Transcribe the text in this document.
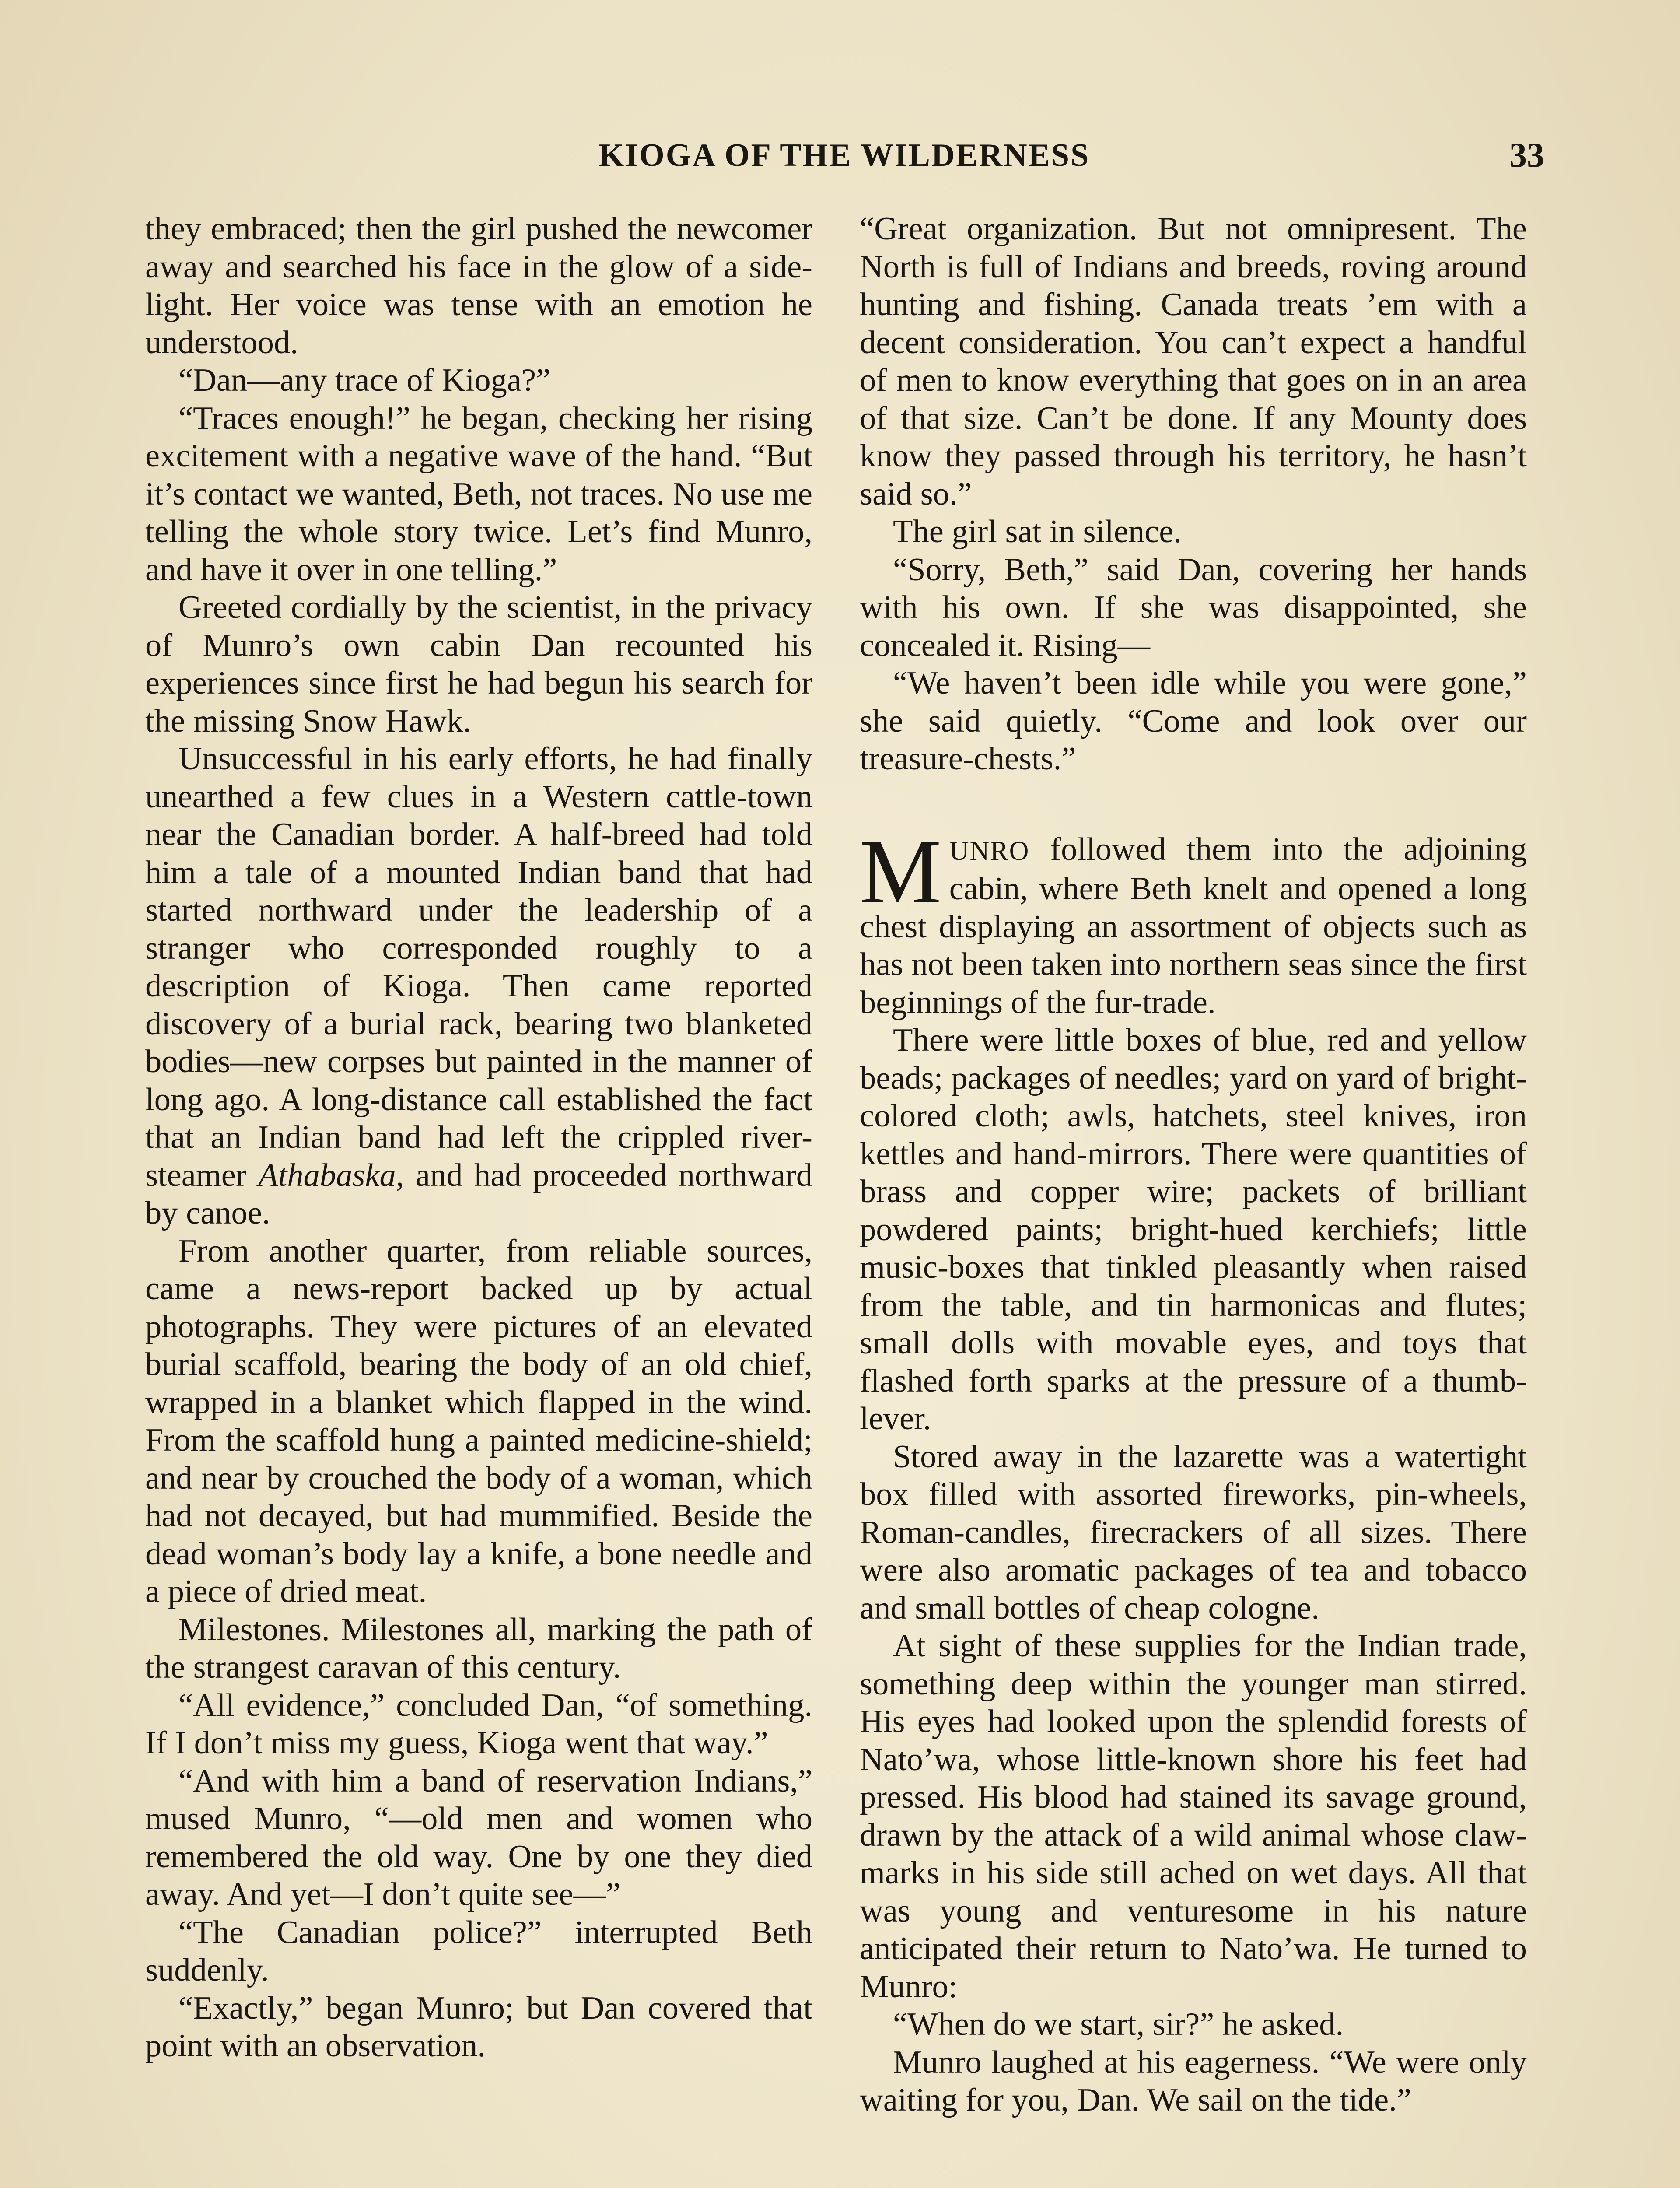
KIOGA OF THE WILDERNESS	33

they embraced; then the girl pushed the newcomer away and searched his face in the glow of a side-light. Her voice was tense with an emotion he understood.

“Dan—any trace of Kioga?”

“Traces enough!” he began, checking her rising excitement with a negative wave of the hand. “But it’s contact we wanted, Beth, not traces. No use me telling the whole story twice. Let’s find Munro, and have it over in one telling.”

Greeted cordially by the scientist, in the privacy of Munro’s own cabin Dan recounted his experiences since first he had begun his search for the missing Snow Hawk.

Unsuccessful in his early efforts, he had finally unearthed a few clues in a Western cattle-town near the Canadian border. A half-breed had told him a tale of a mounted Indian band that had started northward under the leadership of a stranger who corresponded roughly to a description of Kioga. Then came reported discovery of a burial rack, bearing two blanketed bodies—new corpses but painted in the manner of long ago. A long-distance call established the fact that an Indian band had left the crippled river-steamer Athabaska, and had proceeded northward by canoe.

From another quarter, from reliable sources, came a news-report backed up by actual photographs. They were pictures of an elevated burial scaffold, bearing the body of an old chief, wrapped in a blanket which flapped in the wind. From the scaffold hung a painted medicine-shield; and near by crouched the body of a woman, which had not decayed, but had mummified. Beside the dead woman’s body lay a knife, a bone needle and a piece of dried meat.

Milestones. Milestones all, marking the path of the strangest caravan of this century.

“All evidence,” concluded Dan, “of something. If I don’t miss my guess, Kioga went that way.”

“And with him a band of reservation Indians,” mused Munro, “—old men and women who remembered the old way. One by one they died away. And yet—I don’t quite see—”

“The Canadian police?” interrupted Beth suddenly.

“Exactly,” began Munro; but Dan covered that point with an observation.

“Great organization. But not omnipresent. The North is full of Indians and breeds, roving around hunting and fishing. Canada treats ’em with a decent consideration. You can’t expect a handful of men to know everything that goes on in an area of that size. Can’t be done. If any Mounty does know they passed through his territory, he hasn’t said so.”

The girl sat in silence.

“Sorry, Beth,” said Dan, covering her hands with his own. If she was disappointed, she concealed it. Rising—

“We haven’t been idle while you were gone,” she said quietly. “Come and look over our treasure-chests.”

MUNRO followed them into the adjoining cabin, where Beth knelt and opened a long chest displaying an assortment of objects such as has not been taken into northern seas since the first beginnings of the fur-trade.

There were little boxes of blue, red and yellow beads; packages of needles; yard on yard of bright-colored cloth; awls, hatchets, steel knives, iron kettles and hand-mirrors. There were quantities of brass and copper wire; packets of brilliant powdered paints; bright-hued kerchiefs; little music-boxes that tinkled pleasantly when raised from the table, and tin harmonicas and flutes; small dolls with movable eyes, and toys that flashed forth sparks at the pressure of a thumb-lever.

Stored away in the lazarette was a watertight box filled with assorted fireworks, pin-wheels, Roman-candles, firecrackers of all sizes. There were also aromatic packages of tea and tobacco and small bottles of cheap cologne.

At sight of these supplies for the Indian trade, something deep within the younger man stirred. His eyes had looked upon the splendid forests of Nato’wa, whose little-known shore his feet had pressed. His blood had stained its savage ground, drawn by the attack of a wild animal whose claw-marks in his side still ached on wet days. All that was young and venturesome in his nature anticipated their return to Nato’wa. He turned to Munro:

“When do we start, sir?” he asked.

Munro laughed at his eagerness. “We were only waiting for you, Dan. We sail on the tide.”
